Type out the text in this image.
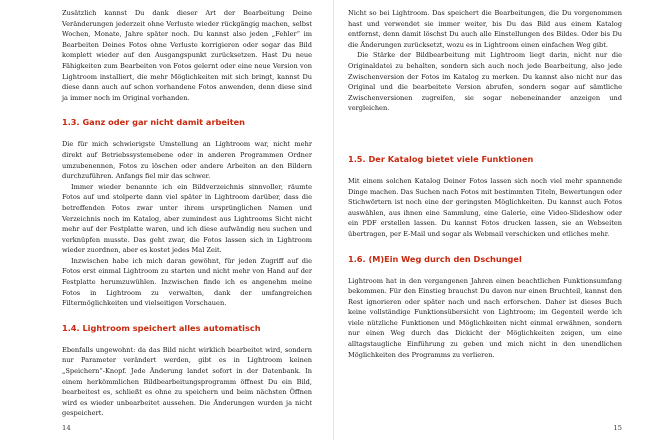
Zusätzlich kannst Du dank dieser Art der Bearbeitung Deine Veränderungen jederzeit ohne Verluste wieder rückgängig machen, selbst Wochen, Monate, Jahre später noch. Du kannst also jeden „Fehler“ im Bearbeiten Deines Fotos ohne Verluste korrigieren oder sogar das Bild komplett wieder auf den Ausgangspunkt zurücksetzen. Hast Du neue Fähigkeiten zum Bearbeiten von Fotos gelernt oder eine neue Version von Lightroom installiert, die mehr Möglichkeiten mit sich bringt, kannst Du diese dann auch auf schon vorhandene Fotos anwenden, denn diese sind ja immer noch im Original vorhanden.

1.3. Ganz oder gar nicht damit arbeiten

Die für mich schwierigste Umstellung an Lightroom war, nicht mehr direkt auf Betriebssystemebene oder in anderen Programmen Ordner umzubenennen, Fotos zu löschen oder andere Arbeiten an den Bildern durchzuführen. Anfangs fiel mir das schwer.

Immer wieder benannte ich ein Bildverzeichnis sinnvoller, räumte Fotos auf und stolperte dann viel später in Lightroom darüber, dass die betreffenden Fotos zwar unter ihrem ursprünglichen Namen und Verzeichnis noch im Katalog, aber zumindest aus Lightrooms Sicht nicht mehr auf der Festplatte waren, und ich diese aufwändig neu suchen und verknüpfen musste. Das geht zwar, die Fotos lassen sich in Lightroom wieder zuordnen, aber es kostet jedes Mal Zeit.

Inzwischen habe ich mich daran gewöhnt, für jeden Zugriff auf die Fotos erst einmal Lightroom zu starten und nicht mehr von Hand auf der Festplatte herumzuwühlen. Inzwischen finde ich es angenehm meine Fotos in Lightroom zu verwalten, dank der umfangreichen Filtermöglichkeiten und vielseitigen Vorschauen.

1.4. Lightroom speichert alles automatisch

Ebenfalls ungewohnt: da das Bild nicht wirklich bearbeitet wird, sondern nur Parameter verändert werden, gibt es in Lightroom keinen „Speichern“-Knopf. Jede Änderung landet sofort in der Datenbank. In einem herkömmlichen Bildbearbeitungsprogramm öffnest Du ein Bild, bearbeitest es, schließt es ohne zu speichern und beim nächsten Öffnen wird es wieder unbearbeitet aussehen. Die Änderungen wurden ja nicht gespeichert.

14

Nicht so bei Lightroom. Das speichert die Bearbeitungen, die Du vorgenommen hast und verwendet sie immer weiter, bis Du das Bild aus einem Katalog entfernst, denn damit löschst Du auch alle Einstellungen des Bildes. Oder bis Du die Änderungen zurücksetzt, wozu es in Lightroom einen einfachen Weg gibt.

Die Stärke der Bildbearbeitung mit Lightroom liegt darin, nicht nur die Originaldatei zu behalten, sondern sich auch noch jede Bearbeitung, also jede Zwischenversion der Fotos im Katalog zu merken. Du kannst also nicht nur das Original und die bearbeitete Version abrufen, sondern sogar auf sämtliche Zwischenversionen zugreifen, sie sogar nebeneinander anzeigen und vergleichen.

1.5. Der Katalog bietet viele Funktionen

Mit einem solchen Katalog Deiner Fotos lassen sich noch viel mehr spannende Dinge machen. Das Suchen nach Fotos mit bestimmten Titeln, Bewertungen oder Stichwörtern ist noch eine der geringsten Möglichkeiten. Du kannst auch Fotos auswählen, aus ihnen eine Sammlung, eine Galerie, eine Video-Slideshow oder ein PDF erstellen lassen. Du kannst Fotos drucken lassen, sie an Webseiten übertragen, per E-Mail und sogar als Webmail verschicken und etliches mehr.

1.6. (M)Ein Weg durch den Dschungel

Lightroom hat in den vergangenen Jahren einen beachtlichen Funktionsumfang bekommen. Für den Einstieg brauchst Du davon nur einen Bruchteil, kannst den Rest ignorieren oder später nach und nach erforschen. Daher ist dieses Buch keine vollständige Funktionsübersicht von Lightroom; im Gegenteil werde ich viele nützliche Funktionen und Möglichkeiten nicht einmal erwähnen, sondern nur einen Weg durch das Dickicht der Möglichkeiten zeigen, um eine alltagstaugliche Einführung zu geben und mich nicht in den unendlichen Möglichkeiten des Programms zu verlieren.

15
